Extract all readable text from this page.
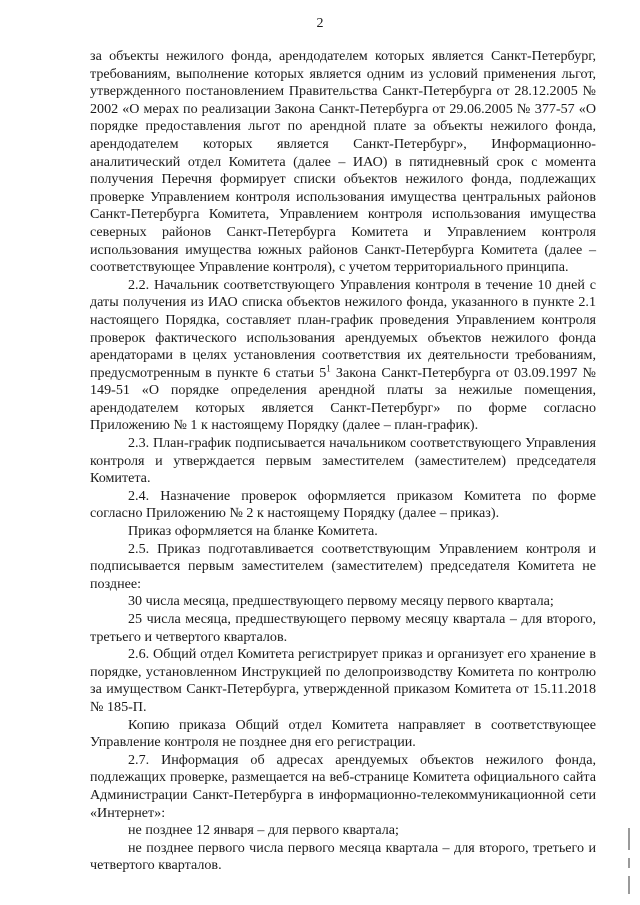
2

за объекты нежилого фонда, арендодателем которых является Санкт-Петербург, требованиям, выполнение которых является одним из условий применения льгот, утвержденного постановлением Правительства Санкт-Петербурга от 28.12.2005 № 2002 «О мерах по реализации Закона Санкт-Петербурга от 29.06.2005 № 377-57 «О порядке предоставления льгот по арендной плате за объекты нежилого фонда, арендодателем которых является Санкт-Петербург», Информационно-аналитический отдел Комитета (далее – ИАО) в пятидневный срок с момента получения Перечня формирует списки объектов нежилого фонда, подлежащих проверке Управлением контроля использования имущества центральных районов Санкт-Петербурга Комитета, Управлением контроля использования имущества северных районов Санкт-Петербурга Комитета и Управлением контроля использования имущества южных районов Санкт-Петербурга Комитета (далее – соответствующее Управление контроля), с учетом территориального принципа.

2.2. Начальник соответствующего Управления контроля в течение 10 дней с даты получения из ИАО списка объектов нежилого фонда, указанного в пункте 2.1 настоящего Порядка, составляет план-график проведения Управлением контроля проверок фактического использования арендуемых объектов нежилого фонда арендаторами в целях установления соответствия их деятельности требованиям, предусмотренным в пункте 6 статьи $5^1$ Закона Санкт-Петербурга от 03.09.1997 № 149-51 «О порядке определения арендной платы за нежилые помещения, арендодателем которых является Санкт-Петербург» по форме согласно Приложению № 1 к настоящему Порядку (далее – план-график).

2.3. План-график подписывается начальником соответствующего Управления контроля и утверждается первым заместителем (заместителем) председателя Комитета.

2.4. Назначение проверок оформляется приказом Комитета по форме согласно Приложению № 2 к настоящему Порядку (далее – приказ).

Приказ оформляется на бланке Комитета.

2.5. Приказ подготавливается соответствующим Управлением контроля и подписывается первым заместителем (заместителем) председателя Комитета не позднее:

30 числа месяца, предшествующего первому месяцу первого квартала;

25 числа месяца, предшествующего первому месяцу квартала – для второго, третьего и четвертого кварталов.

2.6. Общий отдел Комитета регистрирует приказ и организует его хранение в порядке, установленном Инструкцией по делопроизводству Комитета по контролю за имуществом Санкт-Петербурга, утвержденной приказом Комитета от 15.11.2018 № 185-П.

Копию приказа Общий отдел Комитета направляет в соответствующее Управление контроля не позднее дня его регистрации.

2.7. Информация об адресах арендуемых объектов нежилого фонда, подлежащих проверке, размещается на веб-странице Комитета официального сайта Администрации Санкт-Петербурга в информационно-телекоммуникационной сети «Интернет»:

не позднее 12 января – для первого квартала;

не позднее первого числа первого месяца квартала – для второго, третьего и четвертого кварталов.
